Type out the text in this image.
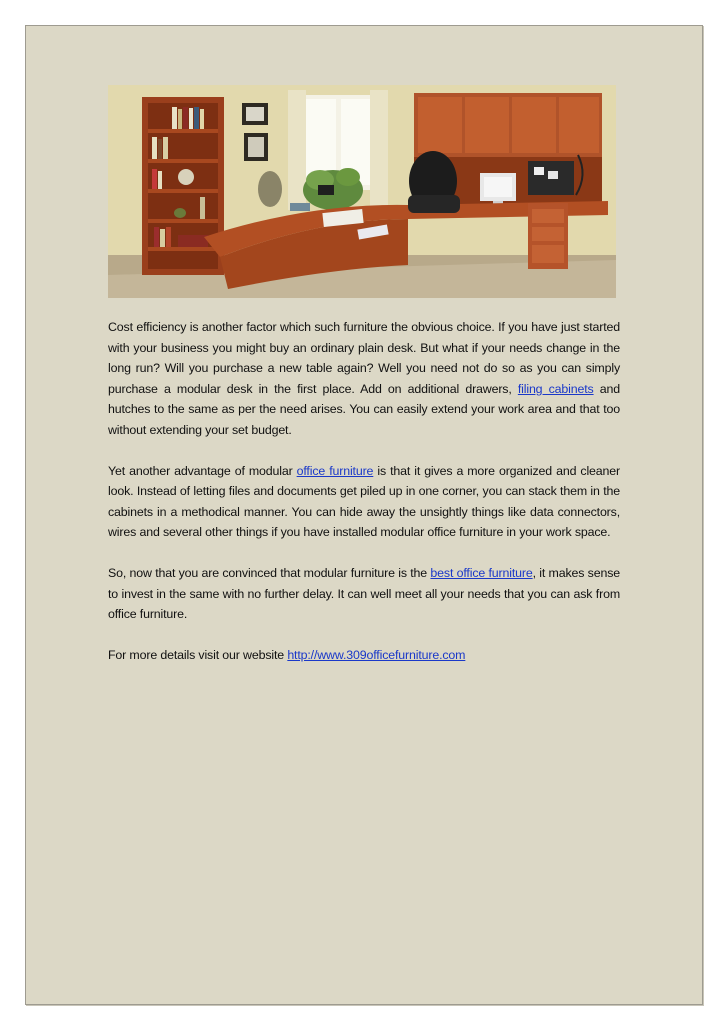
Cost efficiency is another factor which such furniture the obvious choice. If you have just started with your business you might buy an ordinary plain desk. But what if your needs change in the long run? Will you purchase a new table again? Well you need not do so as you can simply purchase a modular desk in the first place. Add on additional drawers, filing cabinets and hutches to the same as per the need arises. You can easily extend your work area and that too without extending your set budget.

Yet another advantage of modular office furniture is that it gives a more organized and cleaner look. Instead of letting files and documents get piled up in one corner, you can stack them in the cabinets in a methodical manner. You can hide away the unsightly things like data connectors, wires and several other things if you have installed modular office furniture in your work space.

So, now that you are convinced that modular furniture is the best office furniture, it makes sense to invest in the same with no further delay. It can well meet all your needs that you can ask from office furniture.

For more details visit our website http://www.309officefurniture.com
